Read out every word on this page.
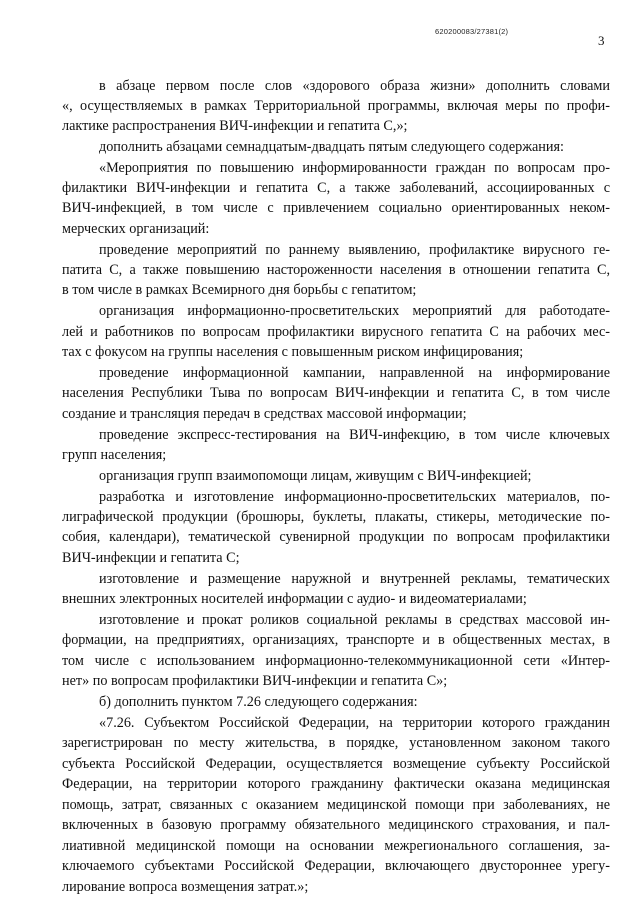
620200083/27381(2)
3
в абзаце первом после слов «здорового образа жизни» дополнить словами
«, осуществляемых в рамках Территориальной программы, включая меры по профи-
лактике распространения ВИЧ-инфекции и гепатита С,»;
дополнить абзацами семнадцатым-двадцать пятым следующего содержания:
«Мероприятия по повышению информированности граждан по вопросам про-
филактики ВИЧ-инфекции и гепатита С, а также заболеваний, ассоциированных с
ВИЧ-инфекцией, в том числе с привлечением социально ориентированных неком-
мерческих организаций:
проведение мероприятий по раннему выявлению, профилактике вирусного ге-
патита С, а также повышению настороженности населения в отношении гепатита С,
в том числе в рамках Всемирного дня борьбы с гепатитом;
организация информационно-просветительских мероприятий для работодате-
лей и работников по вопросам профилактики вирусного гепатита С на рабочих мес-
тах с фокусом на группы населения с повышенным риском инфицирования;
проведение информационной кампании, направленной на информирование
населения Республики Тыва по вопросам ВИЧ-инфекции и гепатита С, в том числе
создание и трансляция передач в средствах массовой информации;
проведение экспресс-тестирования на ВИЧ-инфекцию, в том числе ключевых
групп населения;
организация групп взаимопомощи лицам, живущим с ВИЧ-инфекцией;
разработка и изготовление информационно-просветительских материалов, по-
лиграфической продукции (брошюры, буклеты, плакаты, стикеры, методические по-
собия, календари), тематической сувенирной продукции по вопросам профилактики
ВИЧ-инфекции и гепатита С;
изготовление и размещение наружной и внутренней рекламы, тематических
внешних электронных носителей информации с аудио- и видеоматериалами;
изготовление и прокат роликов социальной рекламы в средствах массовой ин-
формации, на предприятиях, организациях, транспорте и в общественных местах, в
том числе с использованием информационно-телекоммуникационной сети «Интер-
нет» по вопросам профилактики ВИЧ-инфекции и гепатита С»;
б) дополнить пунктом 7.26 следующего содержания:
«7.26. Субъектом Российской Федерации, на территории которого гражданин
зарегистрирован по месту жительства, в порядке, установленном законом такого
субъекта Российской Федерации, осуществляется возмещение субъекту Российской
Федерации, на территории которого гражданину фактически оказана медицинская
помощь, затрат, связанных с оказанием медицинской помощи при заболеваниях, не
включенных в базовую программу обязательного медицинского страхования, и пал-
лиативной медицинской помощи на основании межрегионального соглашения, за-
ключаемого субъектами Российской Федерации, включающего двустороннее урегу-
лирование вопроса возмещения затрат.»;
